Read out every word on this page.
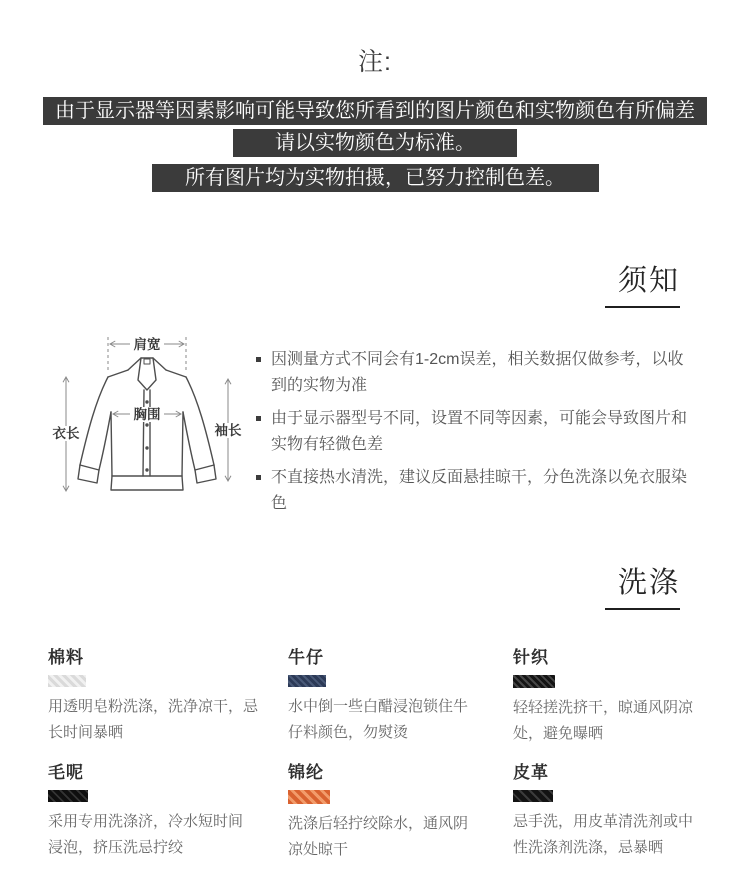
注:
由于显示器等因素影响可能导致您所看到的图片颜色和实物颜色有所偏差
请以实物颜色为标准。
所有图片均为实物拍摄，已努力控制色差。
须知
肩宽
衣长
胸围
袖长
因测量方式不同会有1-2cm误差，相关数据仅做参考，以收到的实物为准
由于显示器型号不同，设置不同等因素，可能会导致图片和实物有轻微色差
不直接热水清洗，建议反面悬挂晾干，分色洗涤以免衣服染色
洗涤
棉料
用透明皂粉洗涤，洗净凉干，忌长时间暴晒
牛仔
水中倒一些白醋浸泡锁住牛仔料颜色，勿熨烫
针织
轻轻搓洗挤干，晾通风阴凉处，避免曝晒
毛呢
采用专用洗涤济，冷水短时间浸泡，挤压洗忌拧绞
锦纶
洗涤后轻拧绞除水，通风阴凉处晾干
皮革
忌手洗，用皮革清洗剂或中性洗涤剂洗涤，忌暴晒
